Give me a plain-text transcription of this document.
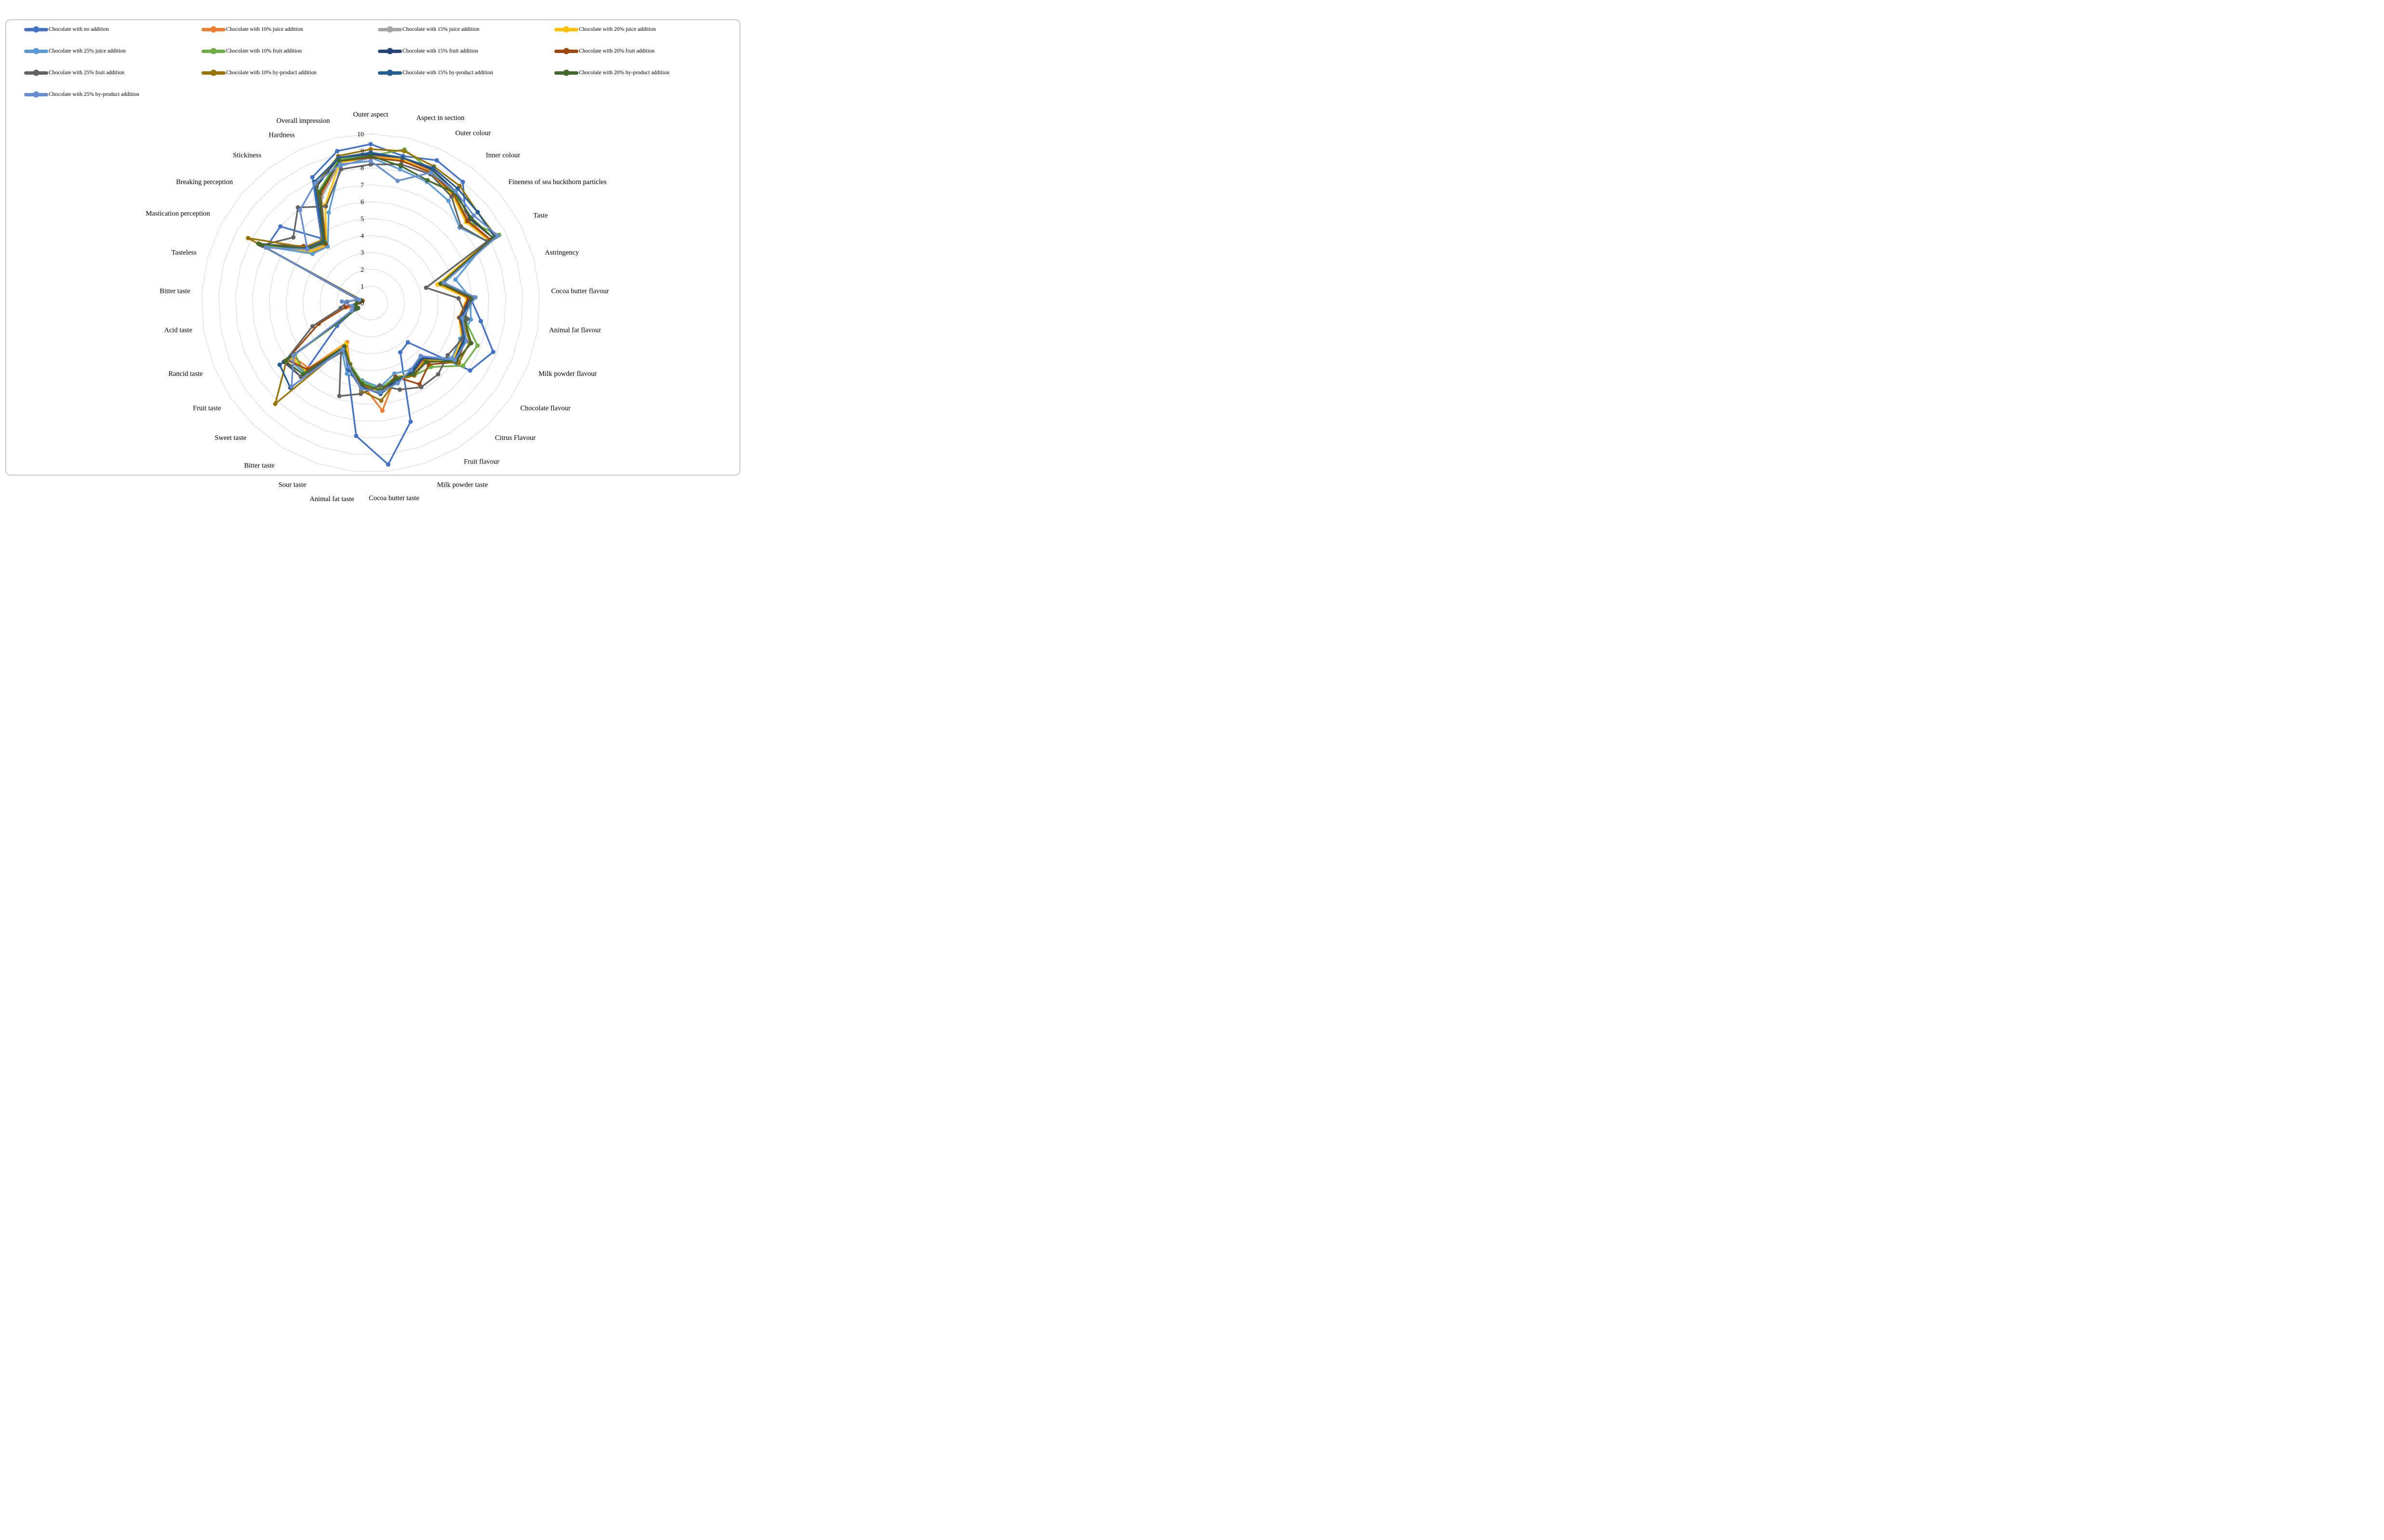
Chocolate with no addition	Chocolate with 10% juice addition	Chocolate with 15% juice addition	Chocolate with 20% juice addition
Chocolate with 25% juice addition	Chocolate with 10% fruit addition	Chocolate with 15% fruit addition	Chocolate with 20% fruit addition
Chocolate with 25% fruit addition	Chocolate with 10% by-product addition	Chocolate with 15% by-product addition	Chocolate with 20% by-product addition
Chocolate with 25% by-product addition
Outer aspect	Aspect in section
Outer colour
Inner colour
Fineness of sea buckthorn particles
Taste
Astringency
Cocoa butter flavour
Animal fat flavour
Milk powder flavour
Chocolate flavour
Citrus Flavour
Fruit flavour
Milk powder taste
Cocoa butter taste
Animal fat taste
Sour taste
Bitter taste
Sweet taste
Fruit taste
Rancid taste
Acid taste
Bitter taste
Tasteless
Mastication perception
Breaking perception
Stickiness
Hardness
Overall impression
0
1
2
3
4
5
6
7
8
9
10
